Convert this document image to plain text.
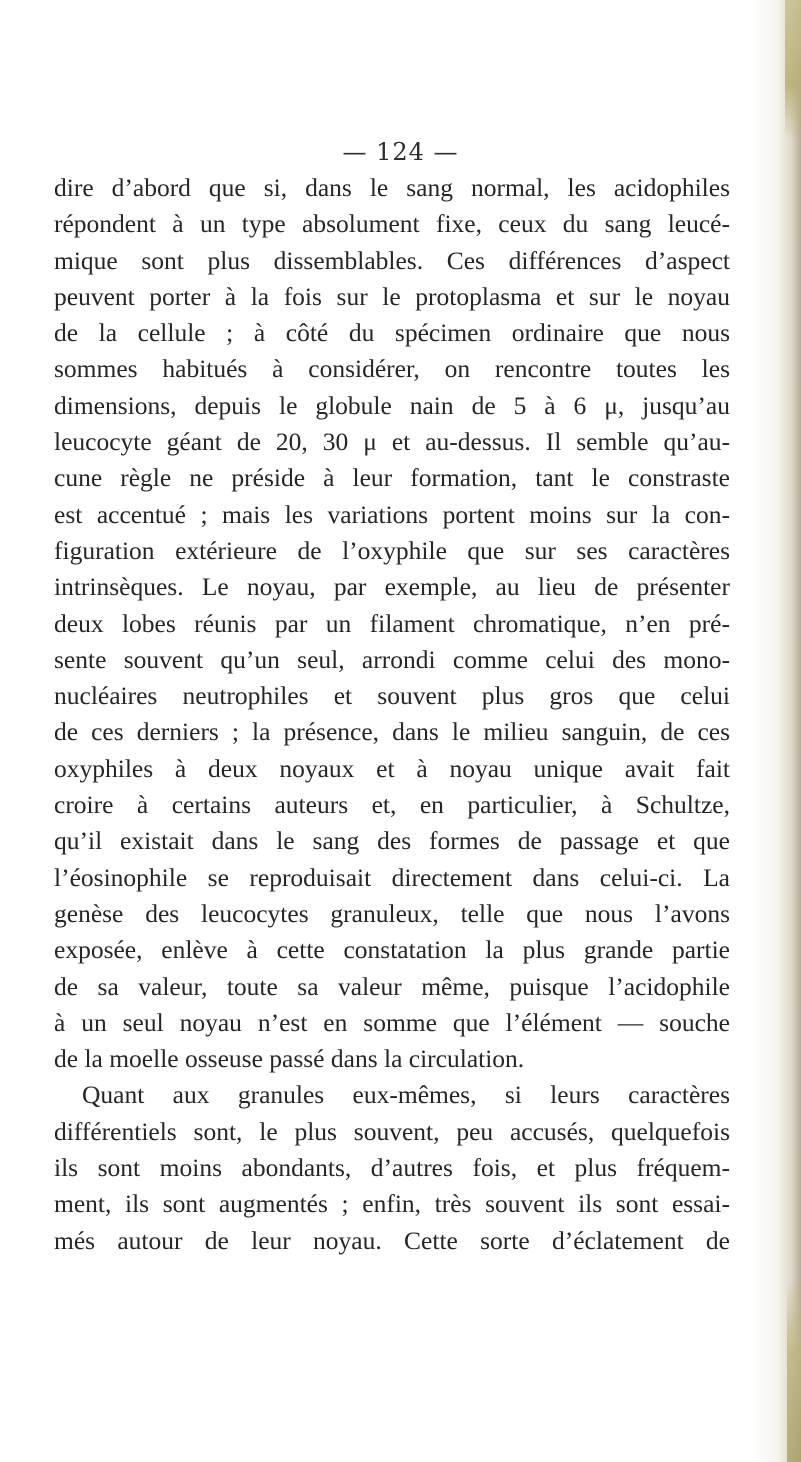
— 124 —

dire d’abord que si, dans le sang normal, les acidophiles
répondent à un type absolument fixe, ceux du sang leucé-
mique sont plus dissemblables. Ces différences d’aspect
peuvent porter à la fois sur le protoplasma et sur le noyau
de la cellule ; à côté du spécimen ordinaire que nous
sommes habitués à considérer, on rencontre toutes les
dimensions, depuis le globule nain de 5 à 6 μ, jusqu’au
leucocyte géant de 20, 30 μ et au-dessus. Il semble qu’au-
cune règle ne préside à leur formation, tant le constraste
est accentué ; mais les variations portent moins sur la con-
figuration extérieure de l’oxyphile que sur ses caractères
intrinsèques. Le noyau, par exemple, au lieu de présenter
deux lobes réunis par un filament chromatique, n’en pré-
sente souvent qu’un seul, arrondi comme celui des mono-
nucléaires neutrophiles et souvent plus gros que celui
de ces derniers ; la présence, dans le milieu sanguin, de ces
oxyphiles à deux noyaux et à noyau unique avait fait
croire à certains auteurs et, en particulier, à Schultze,
qu’il existait dans le sang des formes de passage et que
l’éosinophile se reproduisait directement dans celui-ci. La
genèse des leucocytes granuleux, telle que nous l’avons
exposée, enlève à cette constatation la plus grande partie
de sa valeur, toute sa valeur même, puisque l’acidophile
à un seul noyau n’est en somme que l’élément — souche
de la moelle osseuse passé dans la circulation.
Quant aux granules eux-mêmes, si leurs caractères
différentiels sont, le plus souvent, peu accusés, quelquefois
ils sont moins abondants, d’autres fois, et plus fréquem-
ment, ils sont augmentés ; enfin, très souvent ils sont essai-
més autour de leur noyau. Cette sorte d’éclatement de
